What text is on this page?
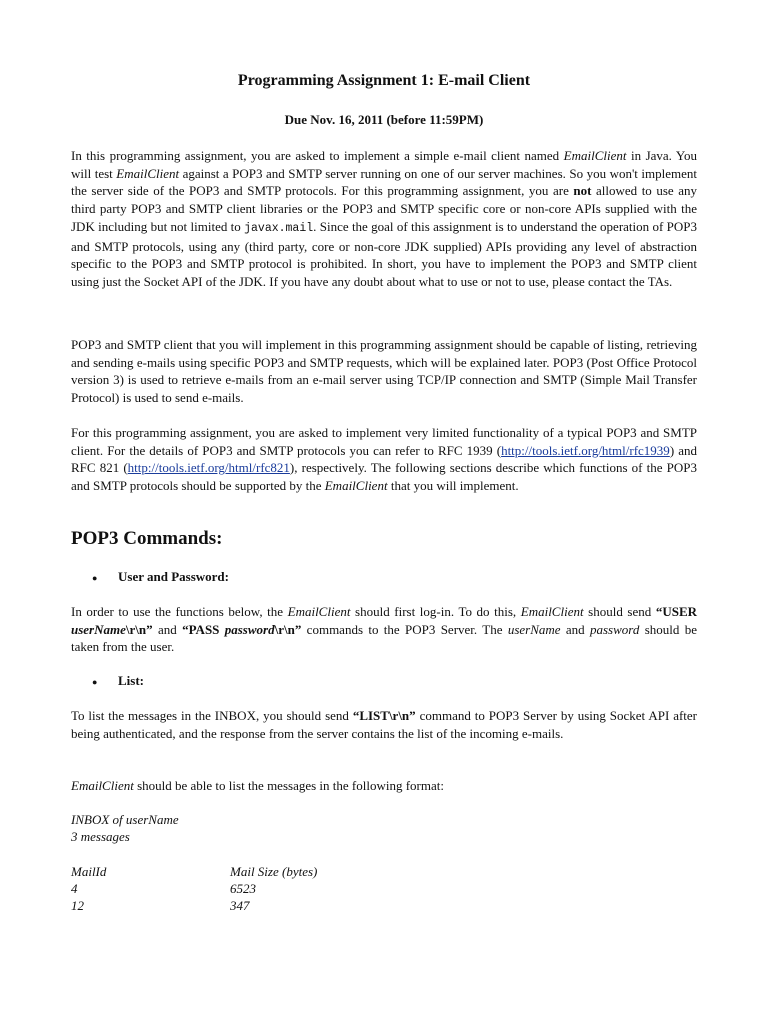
Programming Assignment 1: E-mail Client
Due Nov. 16, 2011 (before 11:59PM)
In this programming assignment, you are asked to implement a simple e-mail client named EmailClient in Java. You will test EmailClient against a POP3 and SMTP server running on one of our server machines. So you won't implement the server side of the POP3 and SMTP protocols. For this programming assignment, you are not allowed to use any third party POP3 and SMTP client libraries or the POP3 and SMTP specific core or non-core APIs supplied with the JDK including but not limited to javax.mail. Since the goal of this assignment is to understand the operation of POP3 and SMTP protocols, using any (third party, core or non-core JDK supplied) APIs providing any level of abstraction specific to the POP3 and SMTP protocol is prohibited. In short, you have to implement the POP3 and SMTP client using just the Socket API of the JDK. If you have any doubt about what to use or not to use, please contact the TAs.
POP3 and SMTP client that you will implement in this programming assignment should be capable of listing, retrieving and sending e-mails using specific POP3 and SMTP requests, which will be explained later. POP3 (Post Office Protocol version 3) is used to retrieve e-mails from an e-mail server using TCP/IP connection and SMTP (Simple Mail Transfer Protocol) is used to send e-mails.
For this programming assignment, you are asked to implement very limited functionality of a typical POP3 and SMTP client. For the details of POP3 and SMTP protocols you can refer to RFC 1939 (http://tools.ietf.org/html/rfc1939) and RFC 821 (http://tools.ietf.org/html/rfc821), respectively. The following sections describe which functions of the POP3 and SMTP protocols should be supported by the EmailClient that you will implement.
POP3 Commands:
● User and Password:
In order to use the functions below, the EmailClient should first log-in. To do this, EmailClient should send “USER userName\r\n” and “PASS password\r\n” commands to the POP3 Server. The userName and password should be taken from the user.
● List:
To list the messages in the INBOX, you should send “LIST\r\n” command to POP3 Server by using Socket API after being authenticated, and the response from the server contains the list of the incoming e-mails.
EmailClient should be able to list the messages in the following format:
INBOX of userName
3 messages
MailId	Mail Size (bytes)
4	6523
12	347
